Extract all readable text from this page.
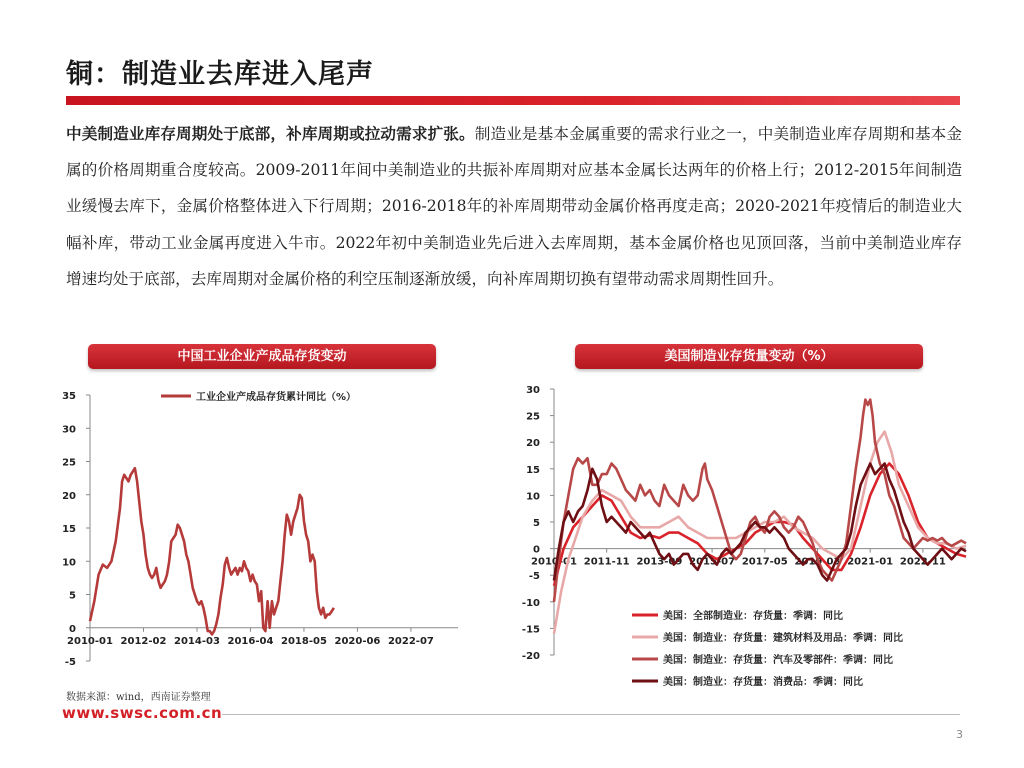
铜：制造业去库进入尾声
中美制造业库存周期处于底部，补库周期或拉动需求扩张。制造业是基本金属重要的需求行业之一，中美制造业库存周期和基本金属的价格周期重合度较高。2009-2011年间中美制造业的共振补库周期对应基本金属长达两年的价格上行；2012-2015年间制造业缓慢去库下，金属价格整体进入下行周期；2016-2018年的补库周期带动金属价格再度走高；2020-2021年疫情后的制造业大幅补库，带动工业金属再度进入牛市。2022年初中美制造业先后进入去库周期，基本金属价格也见顶回落，当前中美制造业库存增速均处于底部，去库周期对金属价格的利空压制逐渐放缓，向补库周期切换有望带动需求周期性回升。
中国工业企业产成品存货变动	美国制造业存货量变动（%）
-5
0
5
10
15
20
25
30
35
2010-01 2012-02 2014-03 2016-04 2018-05 2020-06 2022-07
工业企业产成品存货累计同比（%）
-20
-15
-10
-5
0
5
10
15
20
25
30
2010-01 2011-11 2013-09 2015-07 2017-05 2019-03 2021-01 2022-11
美国：全部制造业：存货量：季调：同比
美国：制造业：存货量：建筑材料及用品：季调：同比
美国：制造业：存货量：汽车及零部件：季调：同比
美国：制造业：存货量：消费品：季调：同比
数据来源：wind，西南证券整理
www.swsc.com.cn
3
